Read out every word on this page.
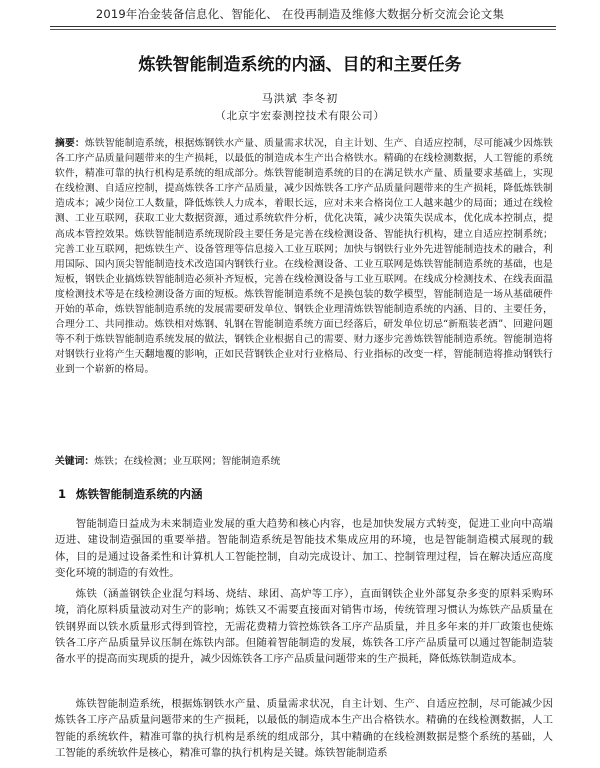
2019年冶金装备信息化、智能化、 在役再制造及维修大数据分析交流会论文集
炼铁智能制造系统的内涵、目的和主要任务
马洪斌 李冬初
（北京宇宏泰测控技术有限公司）

摘要：炼铁智能制造系统，根据炼钢铁水产量、质量需求状况，自主计划、生产、自适应控制，尽可能减少因炼铁各工序产品质量问题带来的生产损耗，以最低的制造成本生产出合格铁水。精确的在线检测数据，人工智能的系统软件，精准可靠的执行机构是系统的组成部分。炼铁智能制造系统的目的在满足铁水产量、质量要求基础上，实现在线检测、自适应控制，提高炼铁各工序产品质量，减少因炼铁各工序产品质量问题带来的生产损耗，降低炼铁制造成本；减少岗位工人数量，降低炼铁人力成本，着眼长远，应对未来合格岗位工人越来越少的局面；通过在线检测、工业互联网，获取工业大数据资源，通过系统软件分析，优化决策，减少决策失误成本，优化成本控制点，提高成本管控效果。炼铁智能制造系统现阶段主要任务是完善在线检测设备、智能执行机构，建立自适应控制系统；完善工业互联网，把炼铁生产、设备管理等信息接入工业互联网；加快与钢铁行业外先进智能制造技术的融合，利用国际、国内顶尖智能制造技术改造国内钢铁行业。在线检测设备、工业互联网是炼铁智能制造系统的基础，也是短板，钢铁企业搞炼铁智能制造必须补齐短板，完善在线检测设备与工业互联网。在线成分检测技术、在线表面温度检测技术等是在线检测设备方面的短板。炼铁智能制造系统不是换包装的数学模型，智能制造是一场从基础硬件开始的革命，炼铁智能制造系统的发展需要研发单位、钢铁企业理清炼铁智能制造系统的内涵、目的、主要任务，合理分工、共同推动。炼铁相对炼钢、轧钢在智能制造系统方面已经落后，研发单位切忌“新瓶装老酒”、回避问题等不利于炼铁智能制造系统发展的做法，钢铁企业根据自己的需要、财力逐步完善炼铁智能制造系统。智能制造将对钢铁行业将产生天翻地覆的影响，正如民营钢铁企业对行业格局、行业指标的改变一样，智能制造将推动钢铁行业到一个崭新的格局。

关键词：炼铁；在线检测；业互联网；智能制造系统

1 炼铁智能制造系统的内涵

智能制造日益成为未来制造业发展的重大趋势和核心内容，也是加快发展方式转变，促进工业向中高端迈进、建设制造强国的重要举措。智能制造系统是智能技术集成应用的环境，也是智能制造模式展现的载体，目的是通过设备柔性和计算机人工智能控制，自动完成设计、加工、控制管理过程，旨在解决适应高度变化环境的制造的有效性。

炼铁（涵盖钢铁企业混匀料场、烧结、球团、高炉等工序），直面钢铁企业外部复杂多变的原料采购环境，消化原料质量波动对生产的影响；炼铁又不需要直接面对销售市场，传统管理习惯认为炼铁产品质量在铁钢界面以铁水质量形式得到管控，无需花费精力管控炼铁各工序产品质量，并且多年来的并厂政策也使炼铁各工序产品质量异议压制在炼铁内部。但随着智能制造的发展，炼铁各工序产品质量可以通过智能制造装备水平的提高而实现质的提升，减少因炼铁各工序产品质量问题带来的生产损耗，降低炼铁制造成本。

炼铁智能制造系统，根据炼钢铁水产量、质量需求状况，自主计划、生产、自适应控制，尽可能减少因炼铁各工序产品质量问题带来的生产损耗，以最低的制造成本生产出合格铁水。精确的在线检测数据，人工智能的系统软件，精准可靠的执行机构是系统的组成部分，其中精确的在线检测数据是整个系统的基础，人工智能的系统软件是核心，精准可靠的执行机构是关键。炼铁智能制造系
